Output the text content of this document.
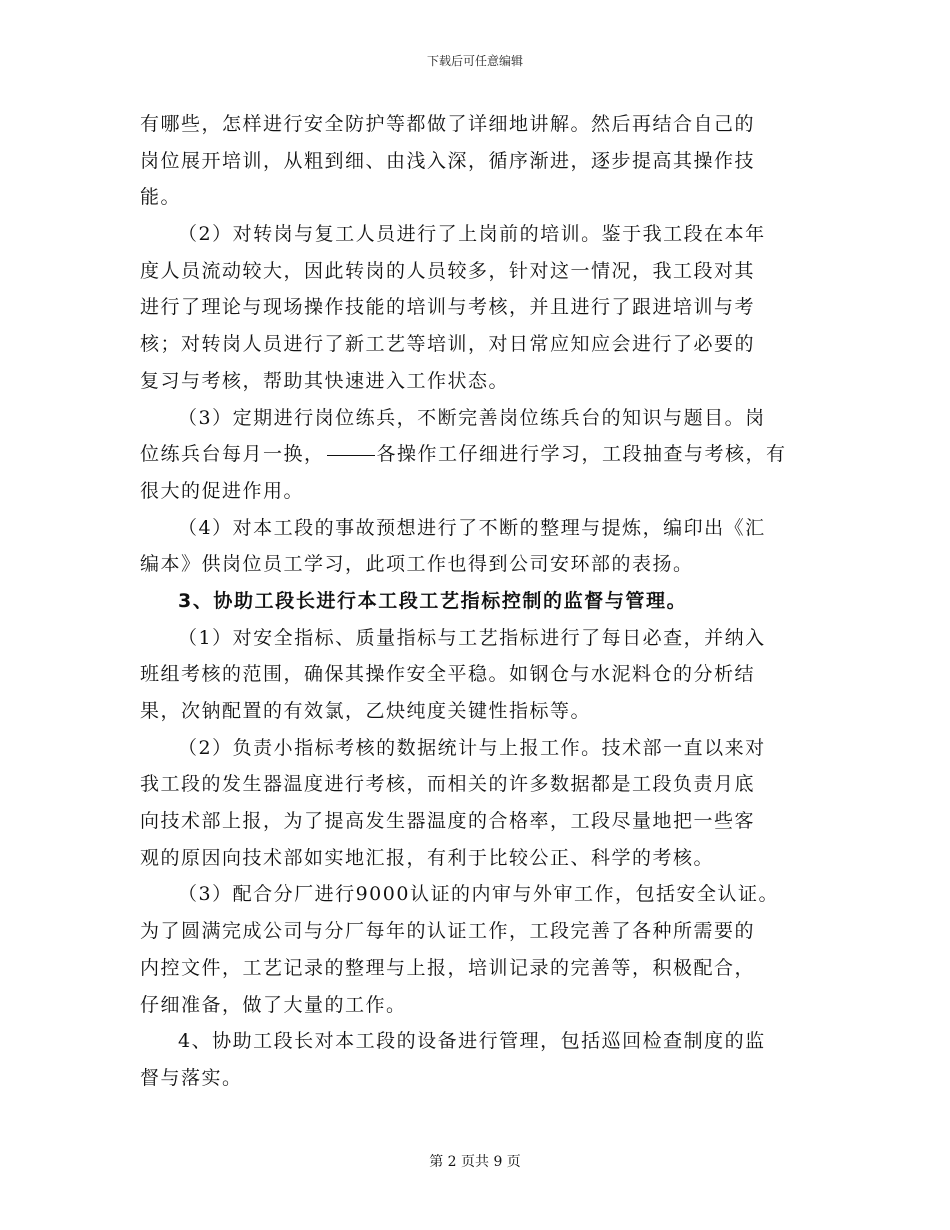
下载后可任意编辑
有哪些，怎样进行安全防护等都做了详细地讲解。然后再结合自己的
岗位展开培训，从粗到细、由浅入深，循序渐进，逐步提高其操作技
能。
（2）对转岗与复工人员进行了上岗前的培训。鉴于我工段在本年
度人员流动较大，因此转岗的人员较多，针对这一情况，我工段对其
进行了理论与现场操作技能的培训与考核，并且进行了跟进培训与考
核；对转岗人员进行了新工艺等培训，对日常应知应会进行了必要的
复习与考核，帮助其快速进入工作状态。
（3）定期进行岗位练兵，不断完善岗位练兵台的知识与题目。岗
位练兵台每月一换，	各操作工仔细进行学习，工段抽查与考核，有
很大的促进作用。
（4）对本工段的事故预想进行了不断的整理与提炼，编印出《汇
编本》供岗位员工学习，此项工作也得到公司安环部的表扬。
3、协助工段长进行本工段工艺指标控制的监督与管理。
（1）对安全指标、质量指标与工艺指标进行了每日必查，并纳入
班组考核的范围，确保其操作安全平稳。如钢仓与水泥料仓的分析结
果，次钠配置的有效氯，乙炔纯度关键性指标等。
（2）负责小指标考核的数据统计与上报工作。技术部一直以来对
我工段的发生器温度进行考核，而相关的许多数据都是工段负责月底
向技术部上报，为了提高发生器温度的合格率，工段尽量地把一些客
观的原因向技术部如实地汇报，有利于比较公正、科学的考核。
（3）配合分厂进行9000认证的内审与外审工作，包括安全认证。
为了圆满完成公司与分厂每年的认证工作，工段完善了各种所需要的
内控文件，工艺记录的整理与上报，培训记录的完善等，积极配合，
仔细准备，做了大量的工作。
4、协助工段长对本工段的设备进行管理，包括巡回检查制度的监
督与落实。
第 2 页共 9 页
